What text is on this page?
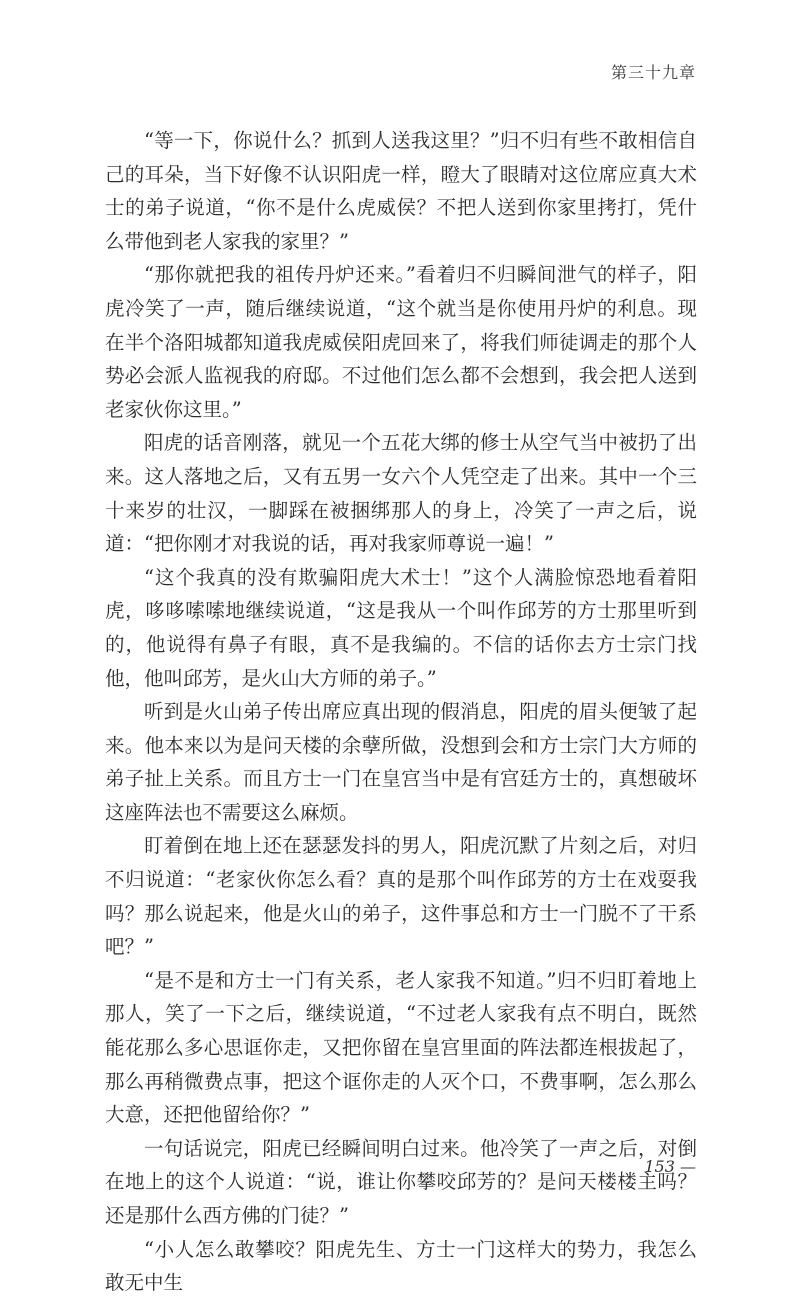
第三十九章

“等一下，你说什么？抓到人送我这里？”归不归有些不敢相信自己的耳朵，当下好像不认识阳虎一样，瞪大了眼睛对这位席应真大术士的弟子说道，“你不是什么虎威侯？不把人送到你家里拷打，凭什么带他到老人家我的家里？”

“那你就把我的祖传丹炉还来。”看着归不归瞬间泄气的样子，阳虎冷笑了一声，随后继续说道，“这个就当是你使用丹炉的利息。现在半个洛阳城都知道我虎威侯阳虎回来了，将我们师徒调走的那个人势必会派人监视我的府邸。不过他们怎么都不会想到，我会把人送到老家伙你这里。”

阳虎的话音刚落，就见一个五花大绑的修士从空气当中被扔了出来。这人落地之后，又有五男一女六个人凭空走了出来。其中一个三十来岁的壮汉，一脚踩在被捆绑那人的身上，冷笑了一声之后，说道：“把你刚才对我说的话，再对我家师尊说一遍！”

“这个我真的没有欺骗阳虎大术士！”这个人满脸惊恐地看着阳虎，哆哆嗦嗦地继续说道，“这是我从一个叫作邱芳的方士那里听到的，他说得有鼻子有眼，真不是我编的。不信的话你去方士宗门找他，他叫邱芳，是火山大方师的弟子。”

听到是火山弟子传出席应真出现的假消息，阳虎的眉头便皱了起来。他本来以为是问天楼的余孽所做，没想到会和方士宗门大方师的弟子扯上关系。而且方士一门在皇宫当中是有宫廷方士的，真想破坏这座阵法也不需要这么麻烦。

盯着倒在地上还在瑟瑟发抖的男人，阳虎沉默了片刻之后，对归不归说道：“老家伙你怎么看？真的是那个叫作邱芳的方士在戏耍我吗？那么说起来，他是火山的弟子，这件事总和方士一门脱不了干系吧？”

“是不是和方士一门有关系，老人家我不知道。”归不归盯着地上那人，笑了一下之后，继续说道，“不过老人家我有点不明白，既然能花那么多心思诓你走，又把你留在皇宫里面的阵法都连根拔起了，那么再稍微费点事，把这个诓你走的人灭个口，不费事啊，怎么那么大意，还把他留给你？”

一句话说完，阳虎已经瞬间明白过来。他冷笑了一声之后，对倒在地上的这个人说道：“说，谁让你攀咬邱芳的？是问天楼楼主吗？还是那什么西方佛的门徒？”

“小人怎么敢攀咬？阳虎先生、方士一门这样大的势力，我怎么敢无中生

153 —
